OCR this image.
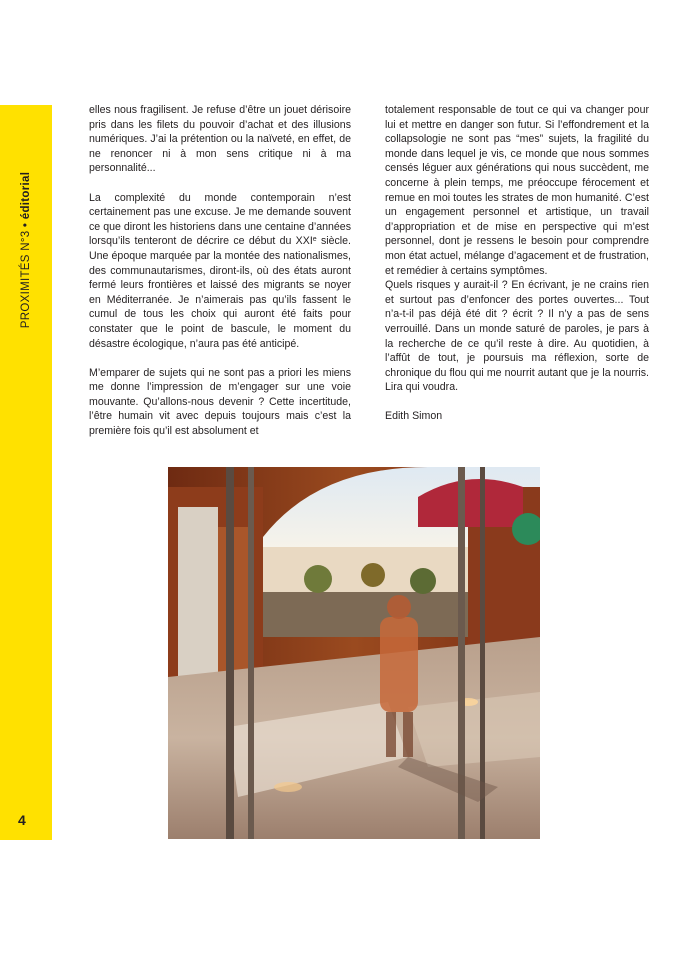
PROXIMITÉS N°3 • éditorial
4

elles nous fragilisent. Je refuse d’être un jouet dérisoire pris dans les filets du pouvoir d’achat et des illusions numériques. J’ai la prétention ou la naïveté, en effet, de ne renoncer ni à mon sens critique ni à ma personnalité...

La complexité du monde contemporain n’est certainement pas une excuse. Je me demande souvent ce que diront les historiens dans une centaine d’années lorsqu’ils tenteront de décrire ce début du XXIe siècle. Une époque marquée par la montée des nationalismes, des communautarismes, diront-ils, où des états auront fermé leurs frontières et laissé des migrants se noyer en Méditerranée. Je n’aimerais pas qu’ils fassent le cumul de tous les choix qui auront été faits pour constater que le point de bascule, le moment du désastre écologique, n’aura pas été anticipé.

M’emparer de sujets qui ne sont pas a priori les miens me donne l’impression de m’engager sur une voie mouvante. Qu’allons-nous devenir ? Cette incertitude, l’être humain vit avec depuis toujours mais c’est la première fois qu’il est absolument et

totalement responsable de tout ce qui va changer pour lui et mettre en danger son futur. Si l’effondrement et la collapsologie ne sont pas “mes” sujets, la fragilité du monde dans lequel je vis, ce monde que nous sommes censés léguer aux générations qui nous succèdent, me concerne à plein temps, me préoccupe férocement et remue en moi toutes les strates de mon humanité. C’est un engagement personnel et artistique, un travail d’appropriation et de mise en perspective qui m’est personnel, dont je ressens le besoin pour comprendre mon état actuel, mélange d’agacement et de frustration, et remédier à certains symptômes.

Quels risques y aurait-il ? En écrivant, je ne crains rien et surtout pas d’enfoncer des portes ouvertes... Tout n’a-t-il pas déjà été dit ? écrit ? Il n’y a pas de sens verrouillé. Dans un monde saturé de paroles, je pars à la recherche de ce qu’il reste à dire. Au quotidien, à l’affût de tout, je poursuis ma réflexion, sorte de chronique du flou qui me nourrit autant que je la nourris. Lira qui voudra.

Edith Simon
